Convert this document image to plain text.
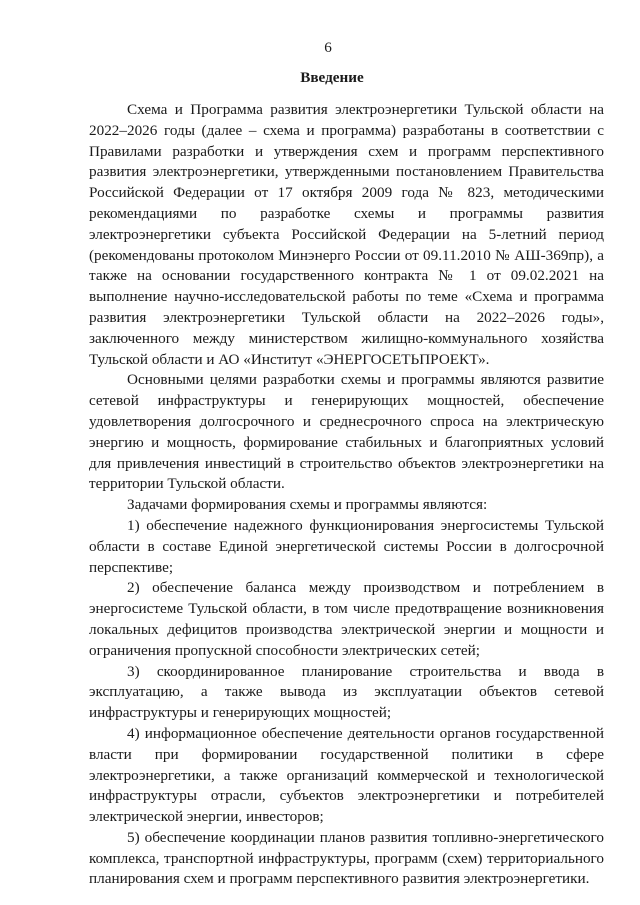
6
Введение

Схема и Программа развития электроэнергетики Тульской области на 2022–2026 годы (далее – схема и программа) разработаны в соответствии с Правилами разработки и утверждения схем и программ перспективного развития электроэнергетики, утвержденными постановлением Правительства Российской Федерации от 17 октября 2009 года № 823, методическими рекомендациями по разработке схемы и программы развития электроэнергетики субъекта Российской Федерации на 5-летний период (рекомендованы протоколом Минэнерго России от 09.11.2010 № АШ-369пр), а также на основании государственного контракта № 1 от 09.02.2021 на выполнение научно-исследовательской работы по теме «Схема и программа развития электроэнергетики Тульской области на 2022–2026 годы», заключенного между министерством жилищно-коммунального хозяйства Тульской области и АО «Институт «ЭНЕРГОСЕТЬПРОЕКТ».

Основными целями разработки схемы и программы являются развитие сетевой инфраструктуры и генерирующих мощностей, обеспечение удовлетворения долгосрочного и среднесрочного спроса на электрическую энергию и мощность, формирование стабильных и благоприятных условий для привлечения инвестиций в строительство объектов электроэнергетики на территории Тульской области.

Задачами формирования схемы и программы являются:

1) обеспечение надежного функционирования энергосистемы Тульской области в составе Единой энергетической системы России в долгосрочной перспективе;

2) обеспечение баланса между производством и потреблением в энергосистеме Тульской области, в том числе предотвращение возникновения локальных дефицитов производства электрической энергии и мощности и ограничения пропускной способности электрических сетей;

3) скоординированное планирование строительства и ввода в эксплуатацию, а также вывода из эксплуатации объектов сетевой инфраструктуры и генерирующих мощностей;

4) информационное обеспечение деятельности органов государственной власти при формировании государственной политики в сфере электроэнергетики, а также организаций коммерческой и технологической инфраструктуры отрасли, субъектов электроэнергетики и потребителей электрической энергии, инвесторов;

5) обеспечение координации планов развития топливно-энергетического комплекса, транспортной инфраструктуры, программ (схем) территориального планирования схем и программ перспективного развития электроэнергетики.
